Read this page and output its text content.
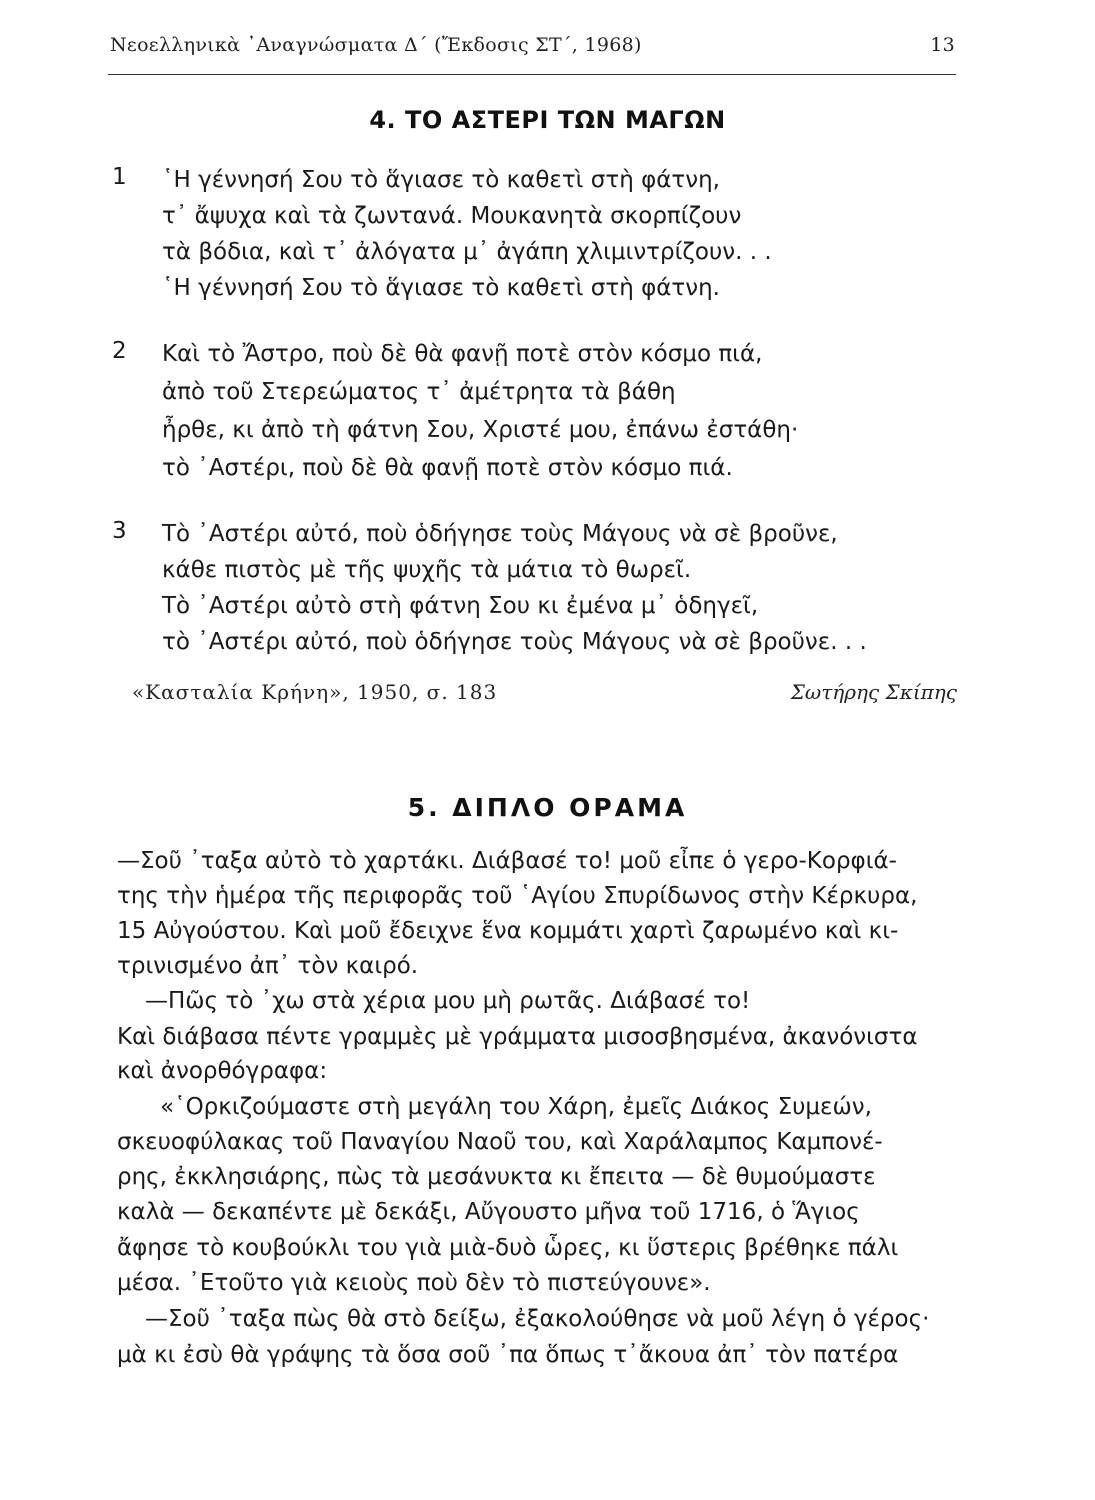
Νεοελληνικὰ ᾿Αναγνώσματα Δ΄ (Ἔκδοσις ΣΤ΄, 1968)	13
4. ΤΟ ΑΣΤΕΡΙ ΤΩΝ ΜΑΓΩΝ
1 ῾Η γέννησή Σου τὸ ἅγιασε τὸ καθετὶ στὴ φάτνη,
τ᾿ ἄψυχα καὶ τὰ ζωντανά. Μουκανητὰ σκορπίζουν
τὰ βόδια, καὶ τ᾿ ἀλόγατα μ᾿ ἀγάπη χλιμιντρίζουν. . .
῾Η γέννησή Σου τὸ ἅγιασε τὸ καθετὶ στὴ φάτνη.
2 Καὶ τὸ Ἄστρο, ποὺ δὲ θὰ φανῇ ποτὲ στὸν κόσμο πιά,
ἀπὸ τοῦ Στερεώματος τ᾿ ἀμέτρητα τὰ βάθη
ἦρθε, κι ἀπὸ τὴ φάτνη Σου, Χριστέ μου, ἐπάνω ἐστάθη·
τὸ ᾿Αστέρι, ποὺ δὲ θὰ φανῇ ποτὲ στὸν κόσμο πιά.
3 Τὸ ᾿Αστέρι αὐτό, ποὺ ὁδήγησε τοὺς Μάγους νὰ σὲ βροῦνε,
κάθε πιστὸς μὲ τῆς ψυχῆς τὰ μάτια τὸ θωρεῖ.
Τὸ ᾿Αστέρι αὐτὸ στὴ φάτνη Σου κι ἐμένα μ᾿ ὁδηγεῖ,
τὸ ᾿Αστέρι αὐτό, ποὺ ὁδήγησε τοὺς Μάγους νὰ σὲ βροῦνε. . .
«Κασταλία Κρήνη», 1950, σ. 183	Σωτήρης Σκίπης
5. ΔΙΠΛΟ ΟΡΑΜΑ
—Σοῦ ᾿ταξα αὐτὸ τὸ χαρτάκι. Διάβασέ το! μοῦ εἶπε ὁ γερο-Κορφιά-
της τὴν ἡμέρα τῆς περιφορᾶς τοῦ ῾Αγίου Σπυρίδωνος στὴν Κέρκυρα,
15 Αὐγούστου. Καὶ μοῦ ἔδειχνε ἕνα κομμάτι χαρτὶ ζαρωμένο καὶ κι-
τρινισμένο ἀπ᾿ τὸν καιρό.
—Πῶς τὸ ᾿χω στὰ χέρια μου μὴ ρωτᾶς. Διάβασέ το!
Καὶ διάβασα πέντε γραμμὲς μὲ γράμματα μισοσβησμένα, ἀκανόνιστα
καὶ ἀνορθόγραφα:
«῾Ορκιζούμαστε στὴ μεγάλη του Χάρη, ἐμεῖς Διάκος Συμεών,
σκευοφύλακας τοῦ Παναγίου Ναοῦ του, καὶ Χαράλαμπος Καμπονέ-
ρης, ἐκκλησιάρης, πὼς τὰ μεσάνυκτα κι ἔπειτα — δὲ θυμούμαστε
καλὰ — δεκαπέντε μὲ δεκάξι, Αὔγουστο μῆνα τοῦ 1716, ὁ Ἅγιος
ἄφησε τὸ κουβούκλι του γιὰ μιὰ-δυὸ ὧρες, κι ὕστερις βρέθηκε πάλι
μέσα. ᾿Ετοῦτο γιὰ κειοὺς ποὺ δὲν τὸ πιστεύγουνε».
—Σοῦ ᾿ταξα πὼς θὰ στὸ δείξω, ἐξακολούθησε νὰ μοῦ λέγη ὁ γέρος·
μὰ κι ἐσὺ θὰ γράψης τὰ ὅσα σοῦ ᾿πα ὅπως τ᾿ἄκουα ἀπ᾿ τὸν πατέρα
